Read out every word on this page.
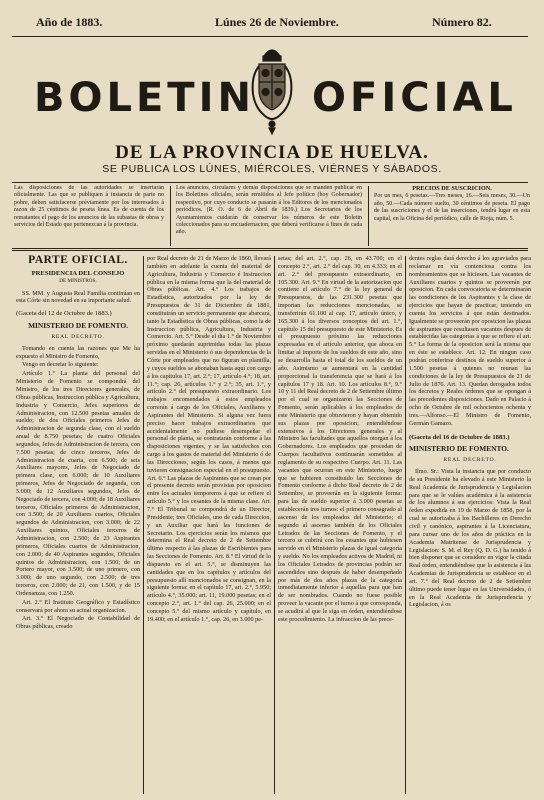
Año de 1883.	Lúnes 26 de Noviembre.	Número 82.
BOLETIN OFICIAL
DE LA PROVINCIA DE HUELVA.
SE PUBLICA LOS LÚNES, MIÉRCOLES, VIÉRNES Y SÁBADOS.
Las disposiciones de las autoridades se insertarán oficialmente. Las que se publiquen á instancia de parte no pobre, deben satisfacerse préviamente por los interesados á razon de 25 céntimos de peseta línea. Es de cuenta de los rematantes el pago de los anuncios de las subastas de obras y servicios del Estado que pertenezcan á la provincia.
Los anuncios, circulares y demás disposiciones que se manden publicar en los Boletines oficiales, serán remitidos al Jefe político (hoy Gobernador) respectivo, por cuyo conducto se pasarán á los Editores de los mencionados periódicos. (R. O. de 6 de Abril de 1839.) Los Secretarios de los Ayuntamientos cuidarán de conservar los números de este Boletin coleccionados para su encuadernacion, que deberá verificarse á fines de cada año.
PRECIOS DE SUSCRICION.
Por un mes, 6 pesetas.—Tres meses, 16.—Seis meses, 30.—Un año, 50.—Cada número suelto, 30 céntimos de peseta. El pago de las suscriciones y el de las inserciones, tendrá lugar en esta capital, en la Oficina del periódico, calle de Rioja, núm. 5.
PARTE OFICIAL.
PRESIDENCIA DEL CONSEJO
DE MINISTROS.

SS. MM. y Augusta Real Familia continúan en esta Córte sin novedad en su importante salud.

(Gaceta del 12 de Octubre de 1883.)
MINISTERIO DE FOMENTO.
REAL DECRETO.

Tomando en cuenta las razones que Me ha expuesto el Ministro de Fomento,

Vengo en decretar lo siguiente:

Artículo 1.° La planta del personal del Ministerio de Fomento se compondrá del Ministro, de los tres Directores generales, de Obras públicas, Instruccion pública y Agricultura, Industria y Comercio, Jefes superiores de Administracion, con 12.500 pesetas anuales de sueldo; de dos Oficiales primeros Jefes de Administracion de segunda clase, con el sueldo anual de 8.750 pesetas; de cuatro Oficiales segundos, Jefes de Administracion de tercera, con 7.500 pesetas; de cinco terceros, Jefes de Administracion de cuarta, con 6.500; de seis Auxiliares mayores, Jefes de Negociado de primera clase, con 6.000; de 10 Auxiliares primeros, Jefes de Negociado de segunda, con 5.000; de 12 Auxiliares segundos, Jefes de Negociado de tercera, con 4.000; de 18 Auxiliares terceros, Oficiales primeros de Administracion, con 3.500; de 20 Auxiliares cuartos, Oficiales segundos de Administracion, con 3.000; de 22 Auxiliares quintos, Oficiales terceros de Administracion, con 2.500; de 23 Aspirantes primeros, Oficiales cuartos de Administracion, con 2.000; de 40 Aspirantes segundos, Oficiales quintos de Administracion, con 1.500; de un Portero mayor, con 3.500; de uno primero, con 3.000; de uno segundo, con 2.500; de tres terceros, con 2.000; de 21, con 1.500, y de 15 Ordenanzas, con 1.250.

Art. 2.° El Instituto Geográfico y Estadístico conservará por ahora su actual organizacion.

Art. 3.° El Negociado de Contabilidad de Obras públicas, creado

por Real decreto de 21 de Marzo de 1860, llevará también en adelante la cuenta del material de Agricultura, Industria y Comercio é Instruccion pública en la misma forma que la del material de Obras públicas. Art. 4.° Los trabajos de Estadística, autorizados por la ley de Presupuestos de 31 de Diciembre de 1881, constituirán un servicio permanente que abarcará, tanto la Estadística de Obras públicas, como la de Instruccion pública, Agricultura, Industria y Comercio. Art. 5.° Desde el dia 1.° de Noviembre próximo quedarán suprimidas todas las plazas servidas en el Ministerio ó sus dependencias de la Córte por empleados que no figuran en plantilla, y cuyos sueldos se abonaban hasta aquí con cargo á los capítulos 17, art. 2.°; 17, artículo 4.°; 18, art. 11.°; cap. 26, artículos 1.° y 2.°; 35, art. 1.°, y artículo 2.° del presupuesto extraordinario. Los trabajos encomendados á estos empleados correrán á cargo de los Oficiales, Auxiliares y Aspirantes del Ministerio. Si alguna vez fuera preciso hacer trabajos extraordinarios que accidentalmente no pudiese desempeñar el personal de planta, se contratarán conforme á las disposiciones vigentes, y se las satisfechos con cargo á los gastos de material del Ministerio ó de las Direcciones, según los casos, á menos que tuvieren consignacion especial en el presupuesto. Art. 6.° Las plazas de Aspirantes que se crean por el presente decreto serán provistas por oposicion entre los actuales temporeros á que se refiere el artículo 5.° y los cesantes de la misma clase. Art. 7.° El Tribunal se compondrá de un Director, Presidente; tres Oficiales, uno de cada Direccion, y un Auxiliar que hará las funciones de Secretario. Los ejercicios serán los mismos que determina el Real decreto de 2 de Setiembre último respecto á las plazas de Escribientes para las Secciones de Fomento. Art. 8.° El virtud de lo dispuesto en el art. 5.°, se disminuyen las cantidades que en los capítulos y artículos del presupuesto allí mencionados se consignan, en la siguiente forma: en el capítulo 17, art. 2.°, 5.950; artículo 4.°, 35.000; art. 11, 19.000 pesetas; en el concepto 2.°, art. 1.° del cap. 26, 25.000; en el concepto 5.° del mismo artículo y capítulo, en 19.400; en el artículo 1.°, cap. 26, en 3.000 pe-

setas; del art. 2.°, cap. 26, en 43.700; en el concepto 2.°, art. 2.° del cap. 30, en 4.333; en el art. 2.° del presupuesto extraordinario, en 105.300. Art. 9.° En virtud de la autorizacion que contiene el artículo 7.° de la ley general de Presupuestos, de las 231.300 pesetas que importan las reducciones mencionadas, se transferirán 61.100 al cap. 17, artículo único, y 165.300 á los diversos conceptos del art. 1.°, capítulo 15 del presupuesto de este Ministerio. Es el presupuesto próximo las reducciones expresadas en el artículo anterior, que aboca en limitar al importe de los sueldos de este año, sino se desarrolla hasta el total de los sueldos de un año. Asimismo se aumentará en la cantidad proporcional la transferencia que se hará á los capítulos 17 y 18. Art. 10. Los artículos 8.°, 9.° 10 y 11 del Real decreto de 2 de Setiembre último por el cual se organizaron las Secciones de Fomento, serán aplicables á los empleados de este Ministerio que obtuvieron y hayan obtenido sus plazas por oposicion; entendiéndose extensivos á los Directores generales y al Ministro las facultades que aquellos otorgan á los Gobernadores. Los empleados que procedan de Cuerpos facultativos continuarán sometidos al reglamento de su respectivo Cuerpo. Art. 11. Las vacantes que ocurran en este Ministerio, luego que se hubieren constituido las Secciones de Fomento conforme á dicho Real decreto de 2 de Setiembre, se proveerán en la siguiente forma: para las de sueldo superior á 3.000 pesetas se establecerán tres turnos: el primero consagrado al ascenso de los empleados del Ministerio; el segundo al ascenso también de los Oficiales Letrados de las Secciones de Fomento, y el tercero se cubrirá con los cesantes que hubiesen servido en el Ministerio plazas de igual categoría y sueldo. No los empleados activos de Madrid, ni los Oficiales Letrados de provincias podrán ser ascendidos sino después de haber desempeñado por más de dos años plazas de la categoría inmediatamente inferior á aquellas para que han de ser nombrados. Cuando no fuese posible proveer la vacante por el turno á que corresponda, se acudirá al que le siga en órden, entendiéndose este procedimiento. La infraccion de las prece-

dentes reglas dará derecho á los agraviados para reclamar en vía contenciosa contra los nombramientos que se hiciesen. Las vacantes de Auxiliares cuartos y quintos se proveerán por oposicion. En cada convocatoria se determinarán las condiciones de los Aspirantes y la clase de ejercicios que hayan de practicar, teniendo en cuenta los servicios á que están destinados. Igualmente se proveerán por oposicion las plazas de aspirantes que resultasen vacantes despues de establecidas las categorías á que se refiere el art. 5.° La forma de la oposicion será la misma que en éste se establece. Art. 12. En ningun caso podrán conferirse destinos de sueldo superior á 1.500 pesetas á quienes no reunan las condiciones de la ley de Presupuestos de 21 de Julio de 1876. Art. 13. Quedan derogados todos los decretos y Reales órdenes que se opongan á las precedentes disposiciones. Dado en Palacio á ocho de Octubre de mil ochocientos ochenta y tres.—Alfonso.—El Ministro de Fomento, Germán Gamazo.

(Gaceta del 16 de Octubre de 1883.)
MINISTERIO DE FOMENTO.
REAL DECRETO.

Ilmo. Sr.: Vista la instancia que por conducto de su Presidente ha elevado á este Ministerio la Real Academia de Jurisprudencia y Legislacion para que se le valúes académica á la asistencia de los alumnos á sus ejercicios: Vista la Real órden expedida en 19 de Marzo de 1858, por la cual se autorizaba á los Bachilleres en Derecho civil y canónico, aspirantes á la Licenciatura, para cursar uno de los años de práctica en la Academia Matritense de Jurisprudencia y Legislacion: S. M. el Rey (Q. D. G.) ha tenido á bien disponer que se considere en vigor la citada Real órden, entendiéndose que la asistencia á las Academias de Jurisprudencia se establece en el art. 7.° del Real decreto de 2 de Setiembre último puede tener lugar en las Universidades, ó en la Real Academia de Jurisprudencia y Legislacion, á os
